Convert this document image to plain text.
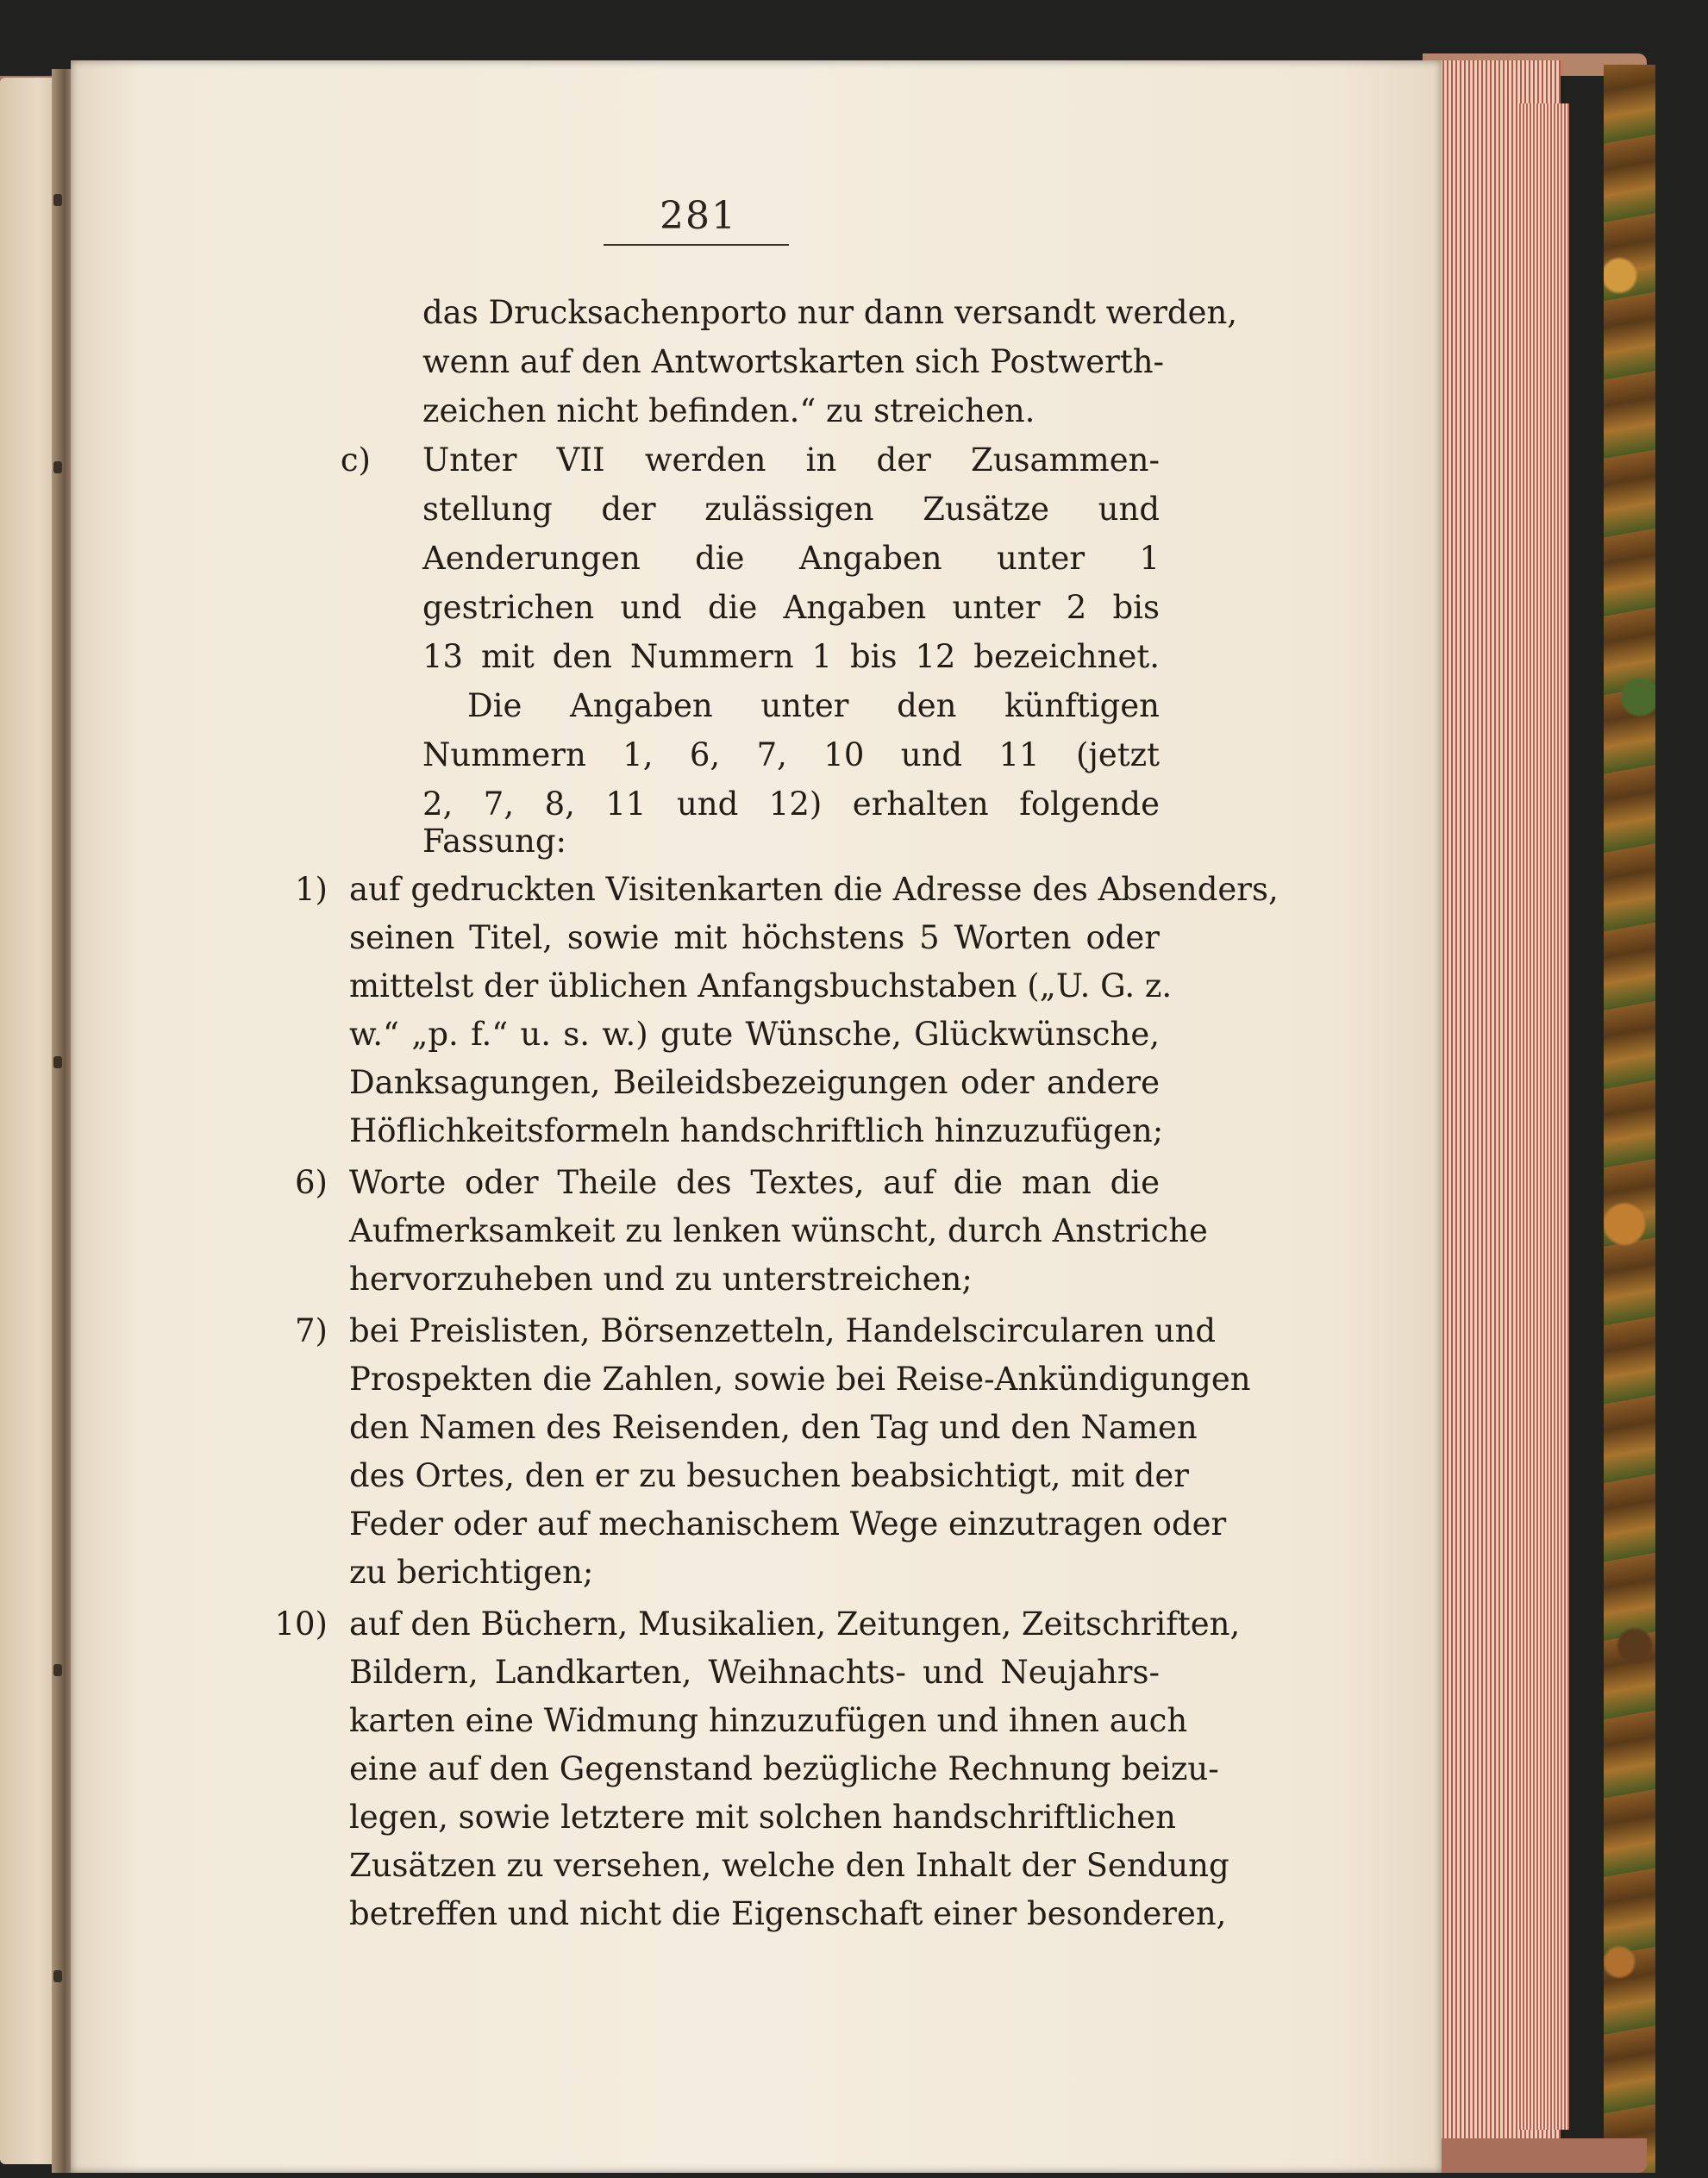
281

c)

1)

6)

7)

10)

das Drucksachenporto nur dann versandt werden,

wenn auf den Antwortskarten sich Postwerth-

zeichen nicht befinden.“ zu streichen.

Unter VII werden in der Zusammen-

stellung der zulässigen Zusätze und

Aenderungen die Angaben unter 1

gestrichen und die Angaben unter 2 bis

13 mit den Nummern 1 bis 12 bezeichnet.

Die Angaben unter den künftigen

Nummern 1, 6, 7, 10 und 11 (jetzt

2, 7, 8, 11 und 12) erhalten folgende

Fassung:

auf gedruckten Visitenkarten die Adresse des Absenders,

seinen Titel, sowie mit höchstens 5 Worten oder

mittelst der üblichen Anfangsbuchstaben („U. G. z.

w.“ „p. f.“ u. s. w.) gute Wünsche, Glückwünsche,

Danksagungen, Beileidsbezeigungen oder andere

Höflichkeitsformeln handschriftlich hinzuzufügen;

Worte oder Theile des Textes, auf die man die

Aufmerksamkeit zu lenken wünscht, durch Anstriche

hervorzuheben und zu unterstreichen;

bei Preislisten, Börsenzetteln, Handelscircularen und

Prospekten die Zahlen, sowie bei Reise-Ankündigungen

den Namen des Reisenden, den Tag und den Namen

des Ortes, den er zu besuchen beabsichtigt, mit der

Feder oder auf mechanischem Wege einzutragen oder

zu berichtigen;

auf den Büchern, Musikalien, Zeitungen, Zeitschriften,

Bildern, Landkarten, Weihnachts- und Neujahrs-

karten eine Widmung hinzuzufügen und ihnen auch

eine auf den Gegenstand bezügliche Rechnung beizu-

legen, sowie letztere mit solchen handschriftlichen

Zusätzen zu versehen, welche den Inhalt der Sendung

betreffen und nicht die Eigenschaft einer besonderen,
